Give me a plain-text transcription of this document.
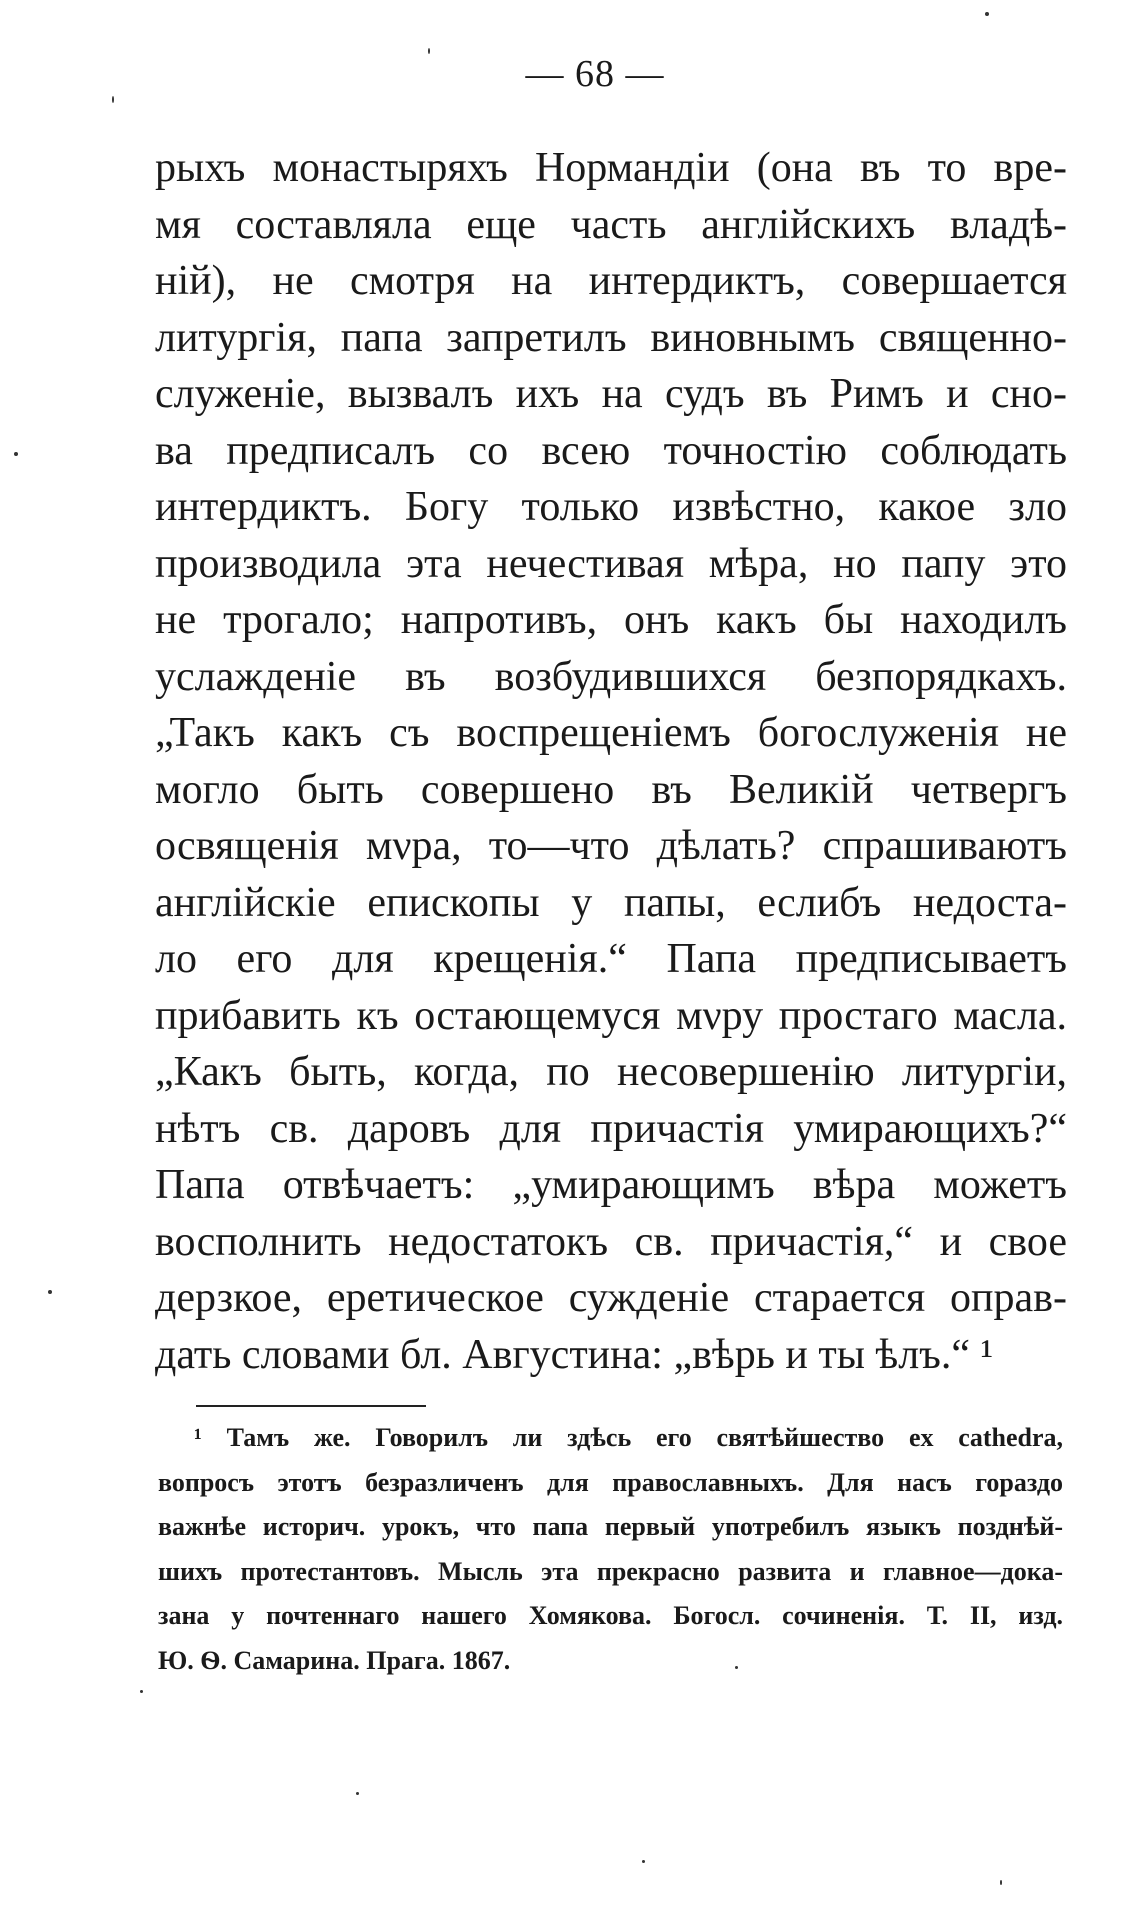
— 68 —
рыхъ монастыряхъ Нормандіи (она въ то вре-
мя составляла еще часть англійскихъ владѣ-
ній), не смотря на интердиктъ, совершается
литургія, папа запретилъ виновнымъ священно-
служеніе, вызвалъ ихъ на судъ въ Римъ и сно-
ва предписалъ со всею точностію соблюдать
интердиктъ. Богу только извѣстно, какое зло
производила эта нечестивая мѣра, но папу это
не трогало; напротивъ, онъ какъ бы находилъ
услажденіе въ возбудившихся безпорядкахъ.
„Такъ какъ съ воспрещеніемъ богослуженія не
могло быть совершено въ Великій четвергъ
освященія мνра, то—что дѣлать? спрашиваютъ
англійскіе епископы у папы, еслибъ недоста-
ло его для крещенія.“ Папа предписываетъ
прибавить къ остающемуся мνру простаго масла.
„Какъ быть, когда, по несовершенію литургіи,
нѣтъ св. даровъ для причастія умирающихъ?“
Папа отвѣчаетъ: „умирающимъ вѣра можетъ
восполнить недостатокъ св. причастія,“ и свое
дерзкое, еретическое сужденіе старается оправ-
дать словами бл. Августина: „вѣрь и ты ѣлъ.“ ¹
¹ Тамъ же. Говорилъ ли здѣсь его святѣйшество ex cathedra,
вопросъ этотъ безразличенъ для православныхъ. Для насъ гораздо
важнѣе историч. урокъ, что папа первый употребилъ языкъ позднѣй-
шихъ протестантовъ. Мысль эта прекрасно развита и главное—дока-
зана у почтеннаго нашего Хомякова. Богосл. сочиненія. Т. II, изд.
Ю. Ѳ. Самарина. Прага. 1867.
